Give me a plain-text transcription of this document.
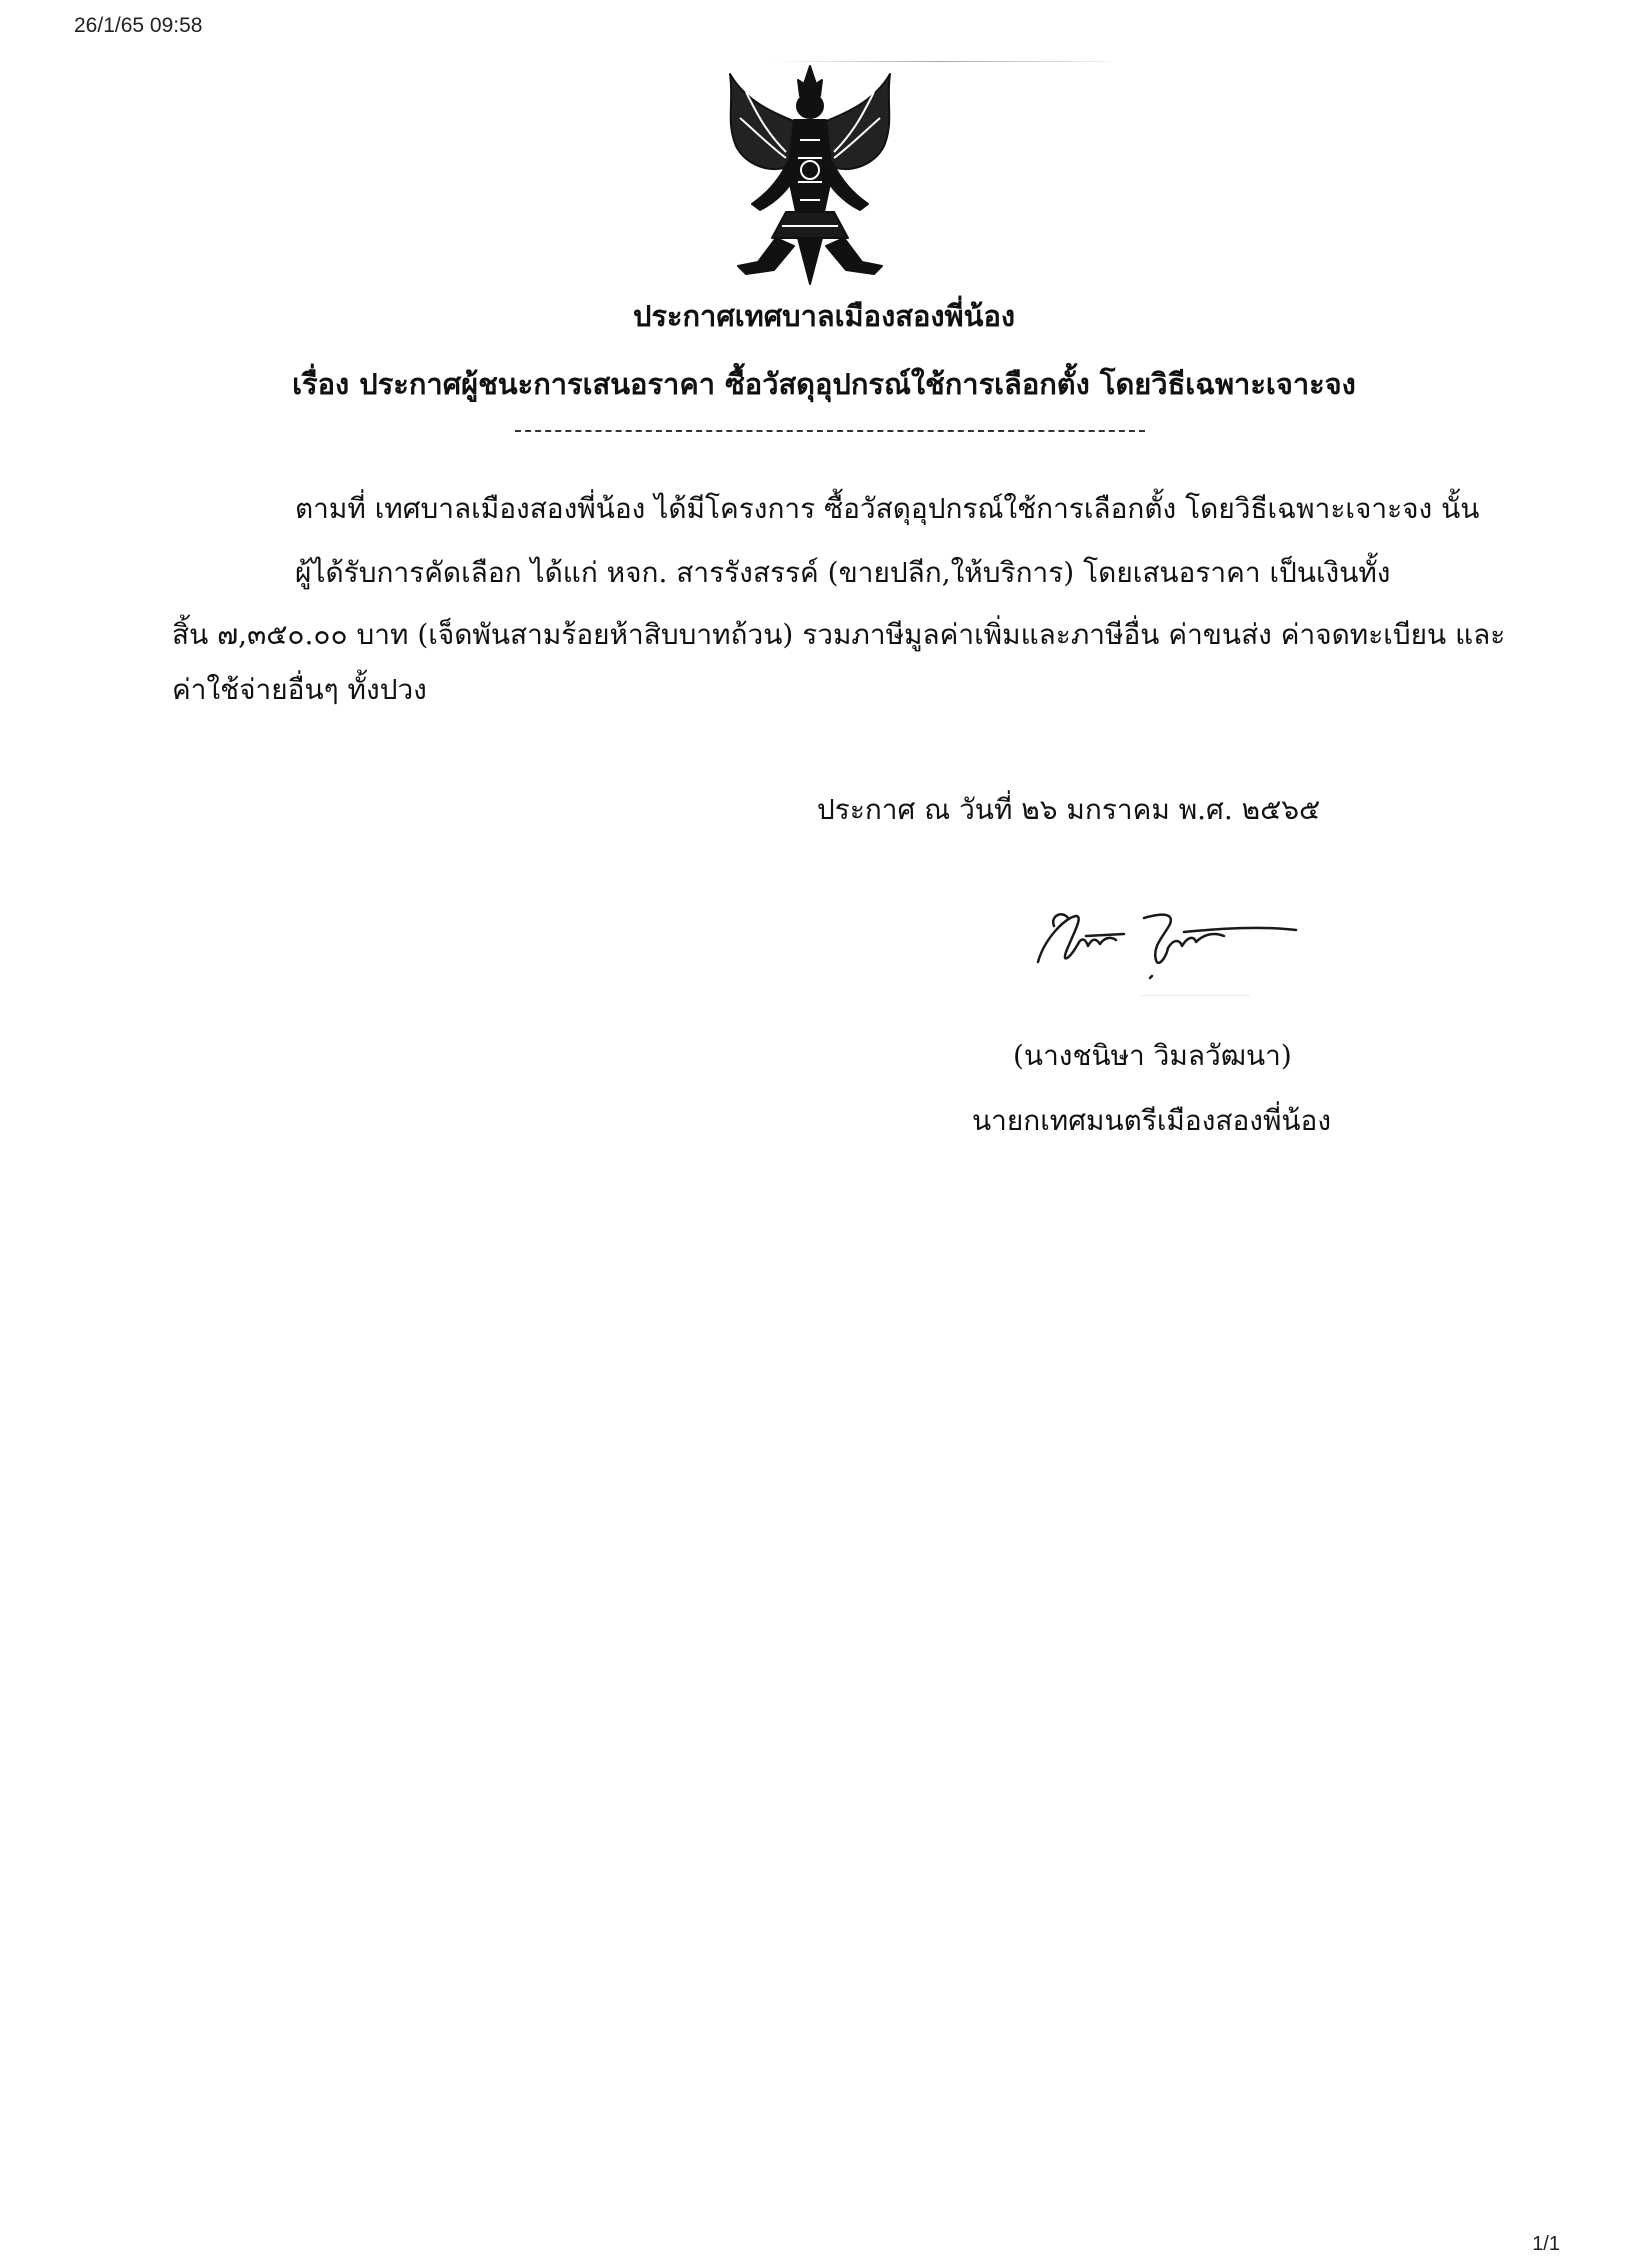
26/1/65 09:58
ประกาศเทศบาลเมืองสองพี่น้อง
เรื่อง ประกาศผู้ชนะการเสนอราคา ซื้อวัสดุอุปกรณ์ใช้การเลือกตั้ง โดยวิธีเฉพาะเจาะจง
ตามที่ เทศบาลเมืองสองพี่น้อง ได้มีโครงการ ซื้อวัสดุอุปกรณ์ใช้การเลือกตั้ง โดยวิธีเฉพาะเจาะจง นั้น
ผู้ได้รับการคัดเลือก ได้แก่ หจก. สารรังสรรค์ (ขายปลีก,ให้บริการ) โดยเสนอราคา เป็นเงินทั้ง
สิ้น ๗,๓๕๐.๐๐ บาท (เจ็ดพันสามร้อยห้าสิบบาทถ้วน) รวมภาษีมูลค่าเพิ่มและภาษีอื่น ค่าขนส่ง ค่าจดทะเบียน และ
ค่าใช้จ่ายอื่นๆ ทั้งปวง
ประกาศ ณ วันที่ ๒๖ มกราคม พ.ศ. ๒๕๖๕
(นางชนิษา วิมลวัฒนา)
นายกเทศมนตรีเมืองสองพี่น้อง
1/1
